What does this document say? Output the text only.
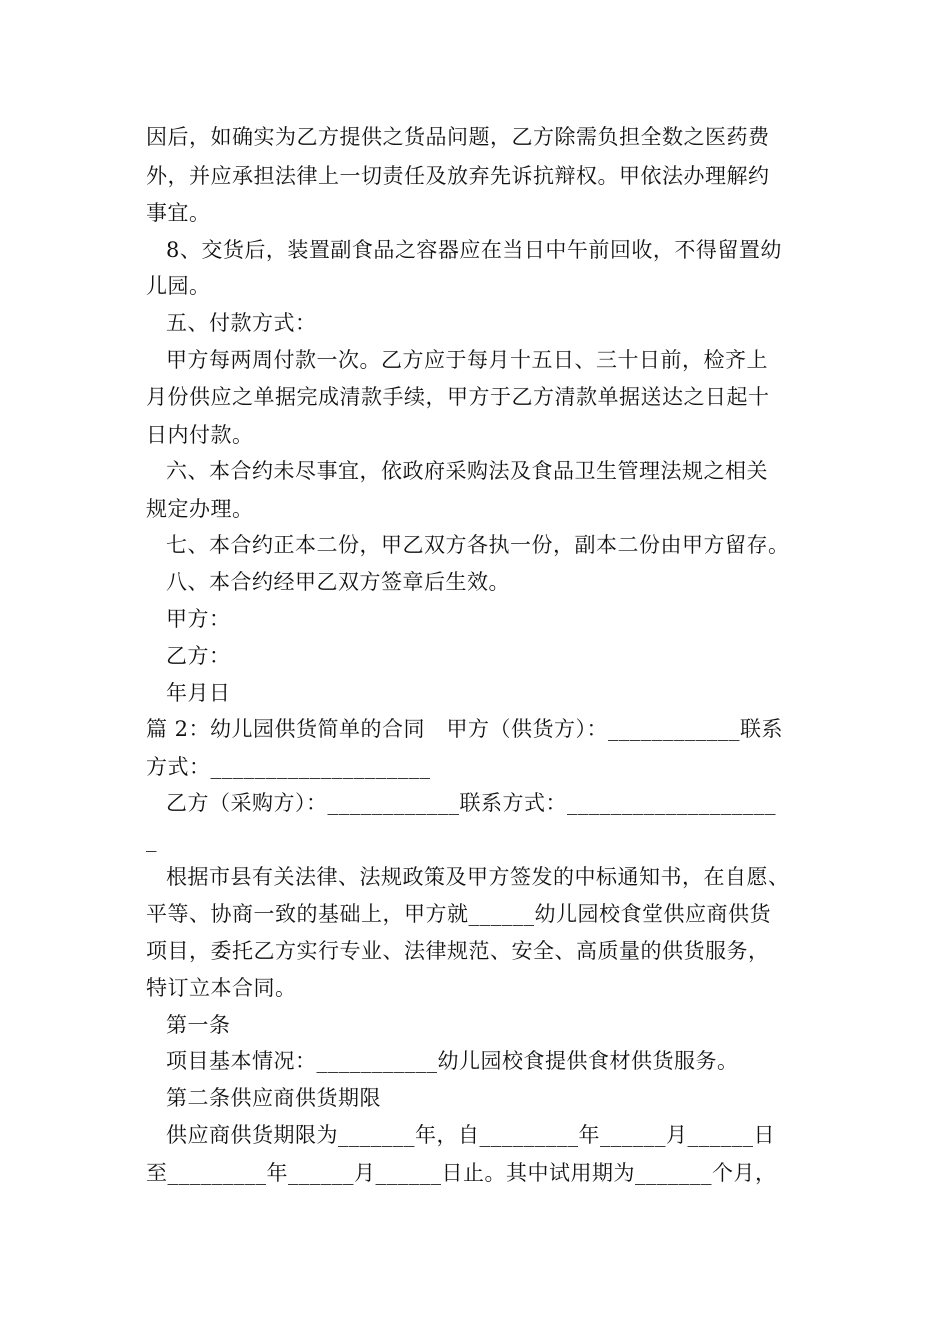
因后，如确实为乙方提供之货品问题，乙方除需负担全数之医药费
外，并应承担法律上一切责任及放弃先诉抗辩权。甲依法办理解约
事宜。
8、交货后，装置副食品之容器应在当日中午前回收，不得留置幼
儿园。
五、付款方式：
甲方每两周付款一次。乙方应于每月十五日、三十日前，检齐上
月份供应之单据完成清款手续，甲方于乙方清款单据送达之日起十
日内付款。
六、本合约未尽事宜，依政府采购法及食品卫生管理法规之相关
规定办理。
七、本合约正本二份，甲乙双方各执一份，副本二份由甲方留存。
八、本合约经甲乙双方签章后生效。
甲方：
乙方：
年月日
篇 2：幼儿园供货简单的合同　甲方（供货方）：____________联系
方式：____________________
乙方（采购方）：____________联系方式：___________________
_
根据市县有关法律、法规政策及甲方签发的中标通知书，在自愿、
平等、协商一致的基础上，甲方就______幼儿园校食堂供应商供货
项目，委托乙方实行专业、法律规范、安全、高质量的供货服务，
特订立本合同。
第一条
项目基本情况：___________幼儿园校食提供食材供货服务。
第二条供应商供货期限
供应商供货期限为_______年，自_________年______月______日
至_________年______月______日止。其中试用期为_______个月，
